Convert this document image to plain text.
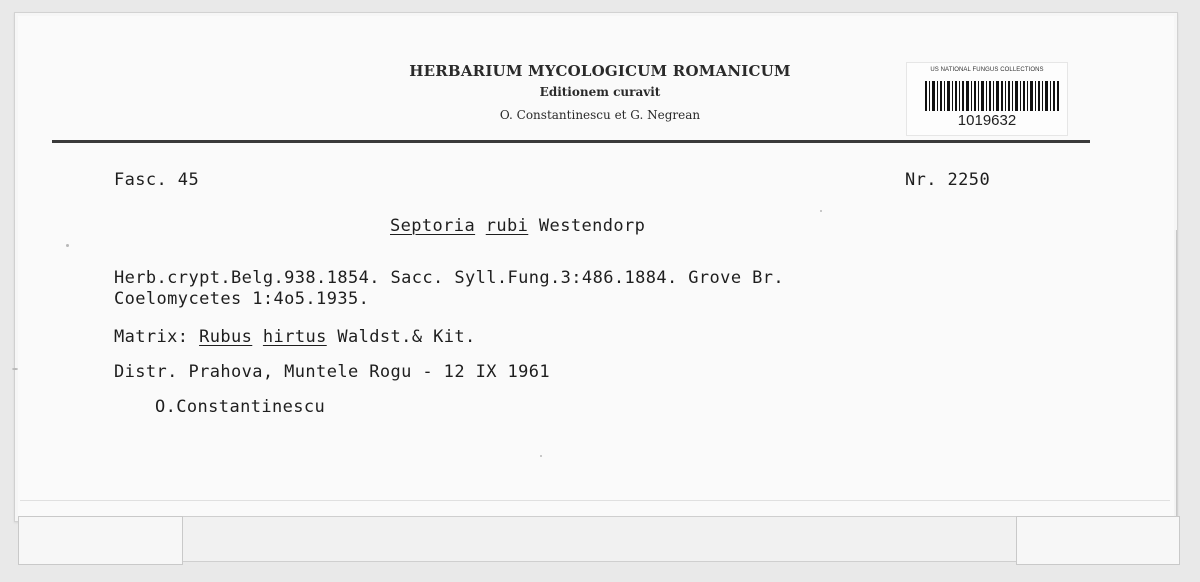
HERBARIUM MYCOLOGICUM ROMANICUM
Editionem curavit
O. Constantinescu et G. Negrean
US NATIONAL FUNGUS COLLECTIONS
1019632
Fasc. 45	Nr. 2250
Septoria rubi Westendorp
Herb.crypt.Belg.938.1854. Sacc. Syll.Fung.3:486.1884. Grove Br.
Coelomycetes 1:4o5.1935.
Matrix: Rubus hirtus Waldst.& Kit.
Distr. Prahova, Muntele Rogu - 12 IX 1961
O.Constantinescu
